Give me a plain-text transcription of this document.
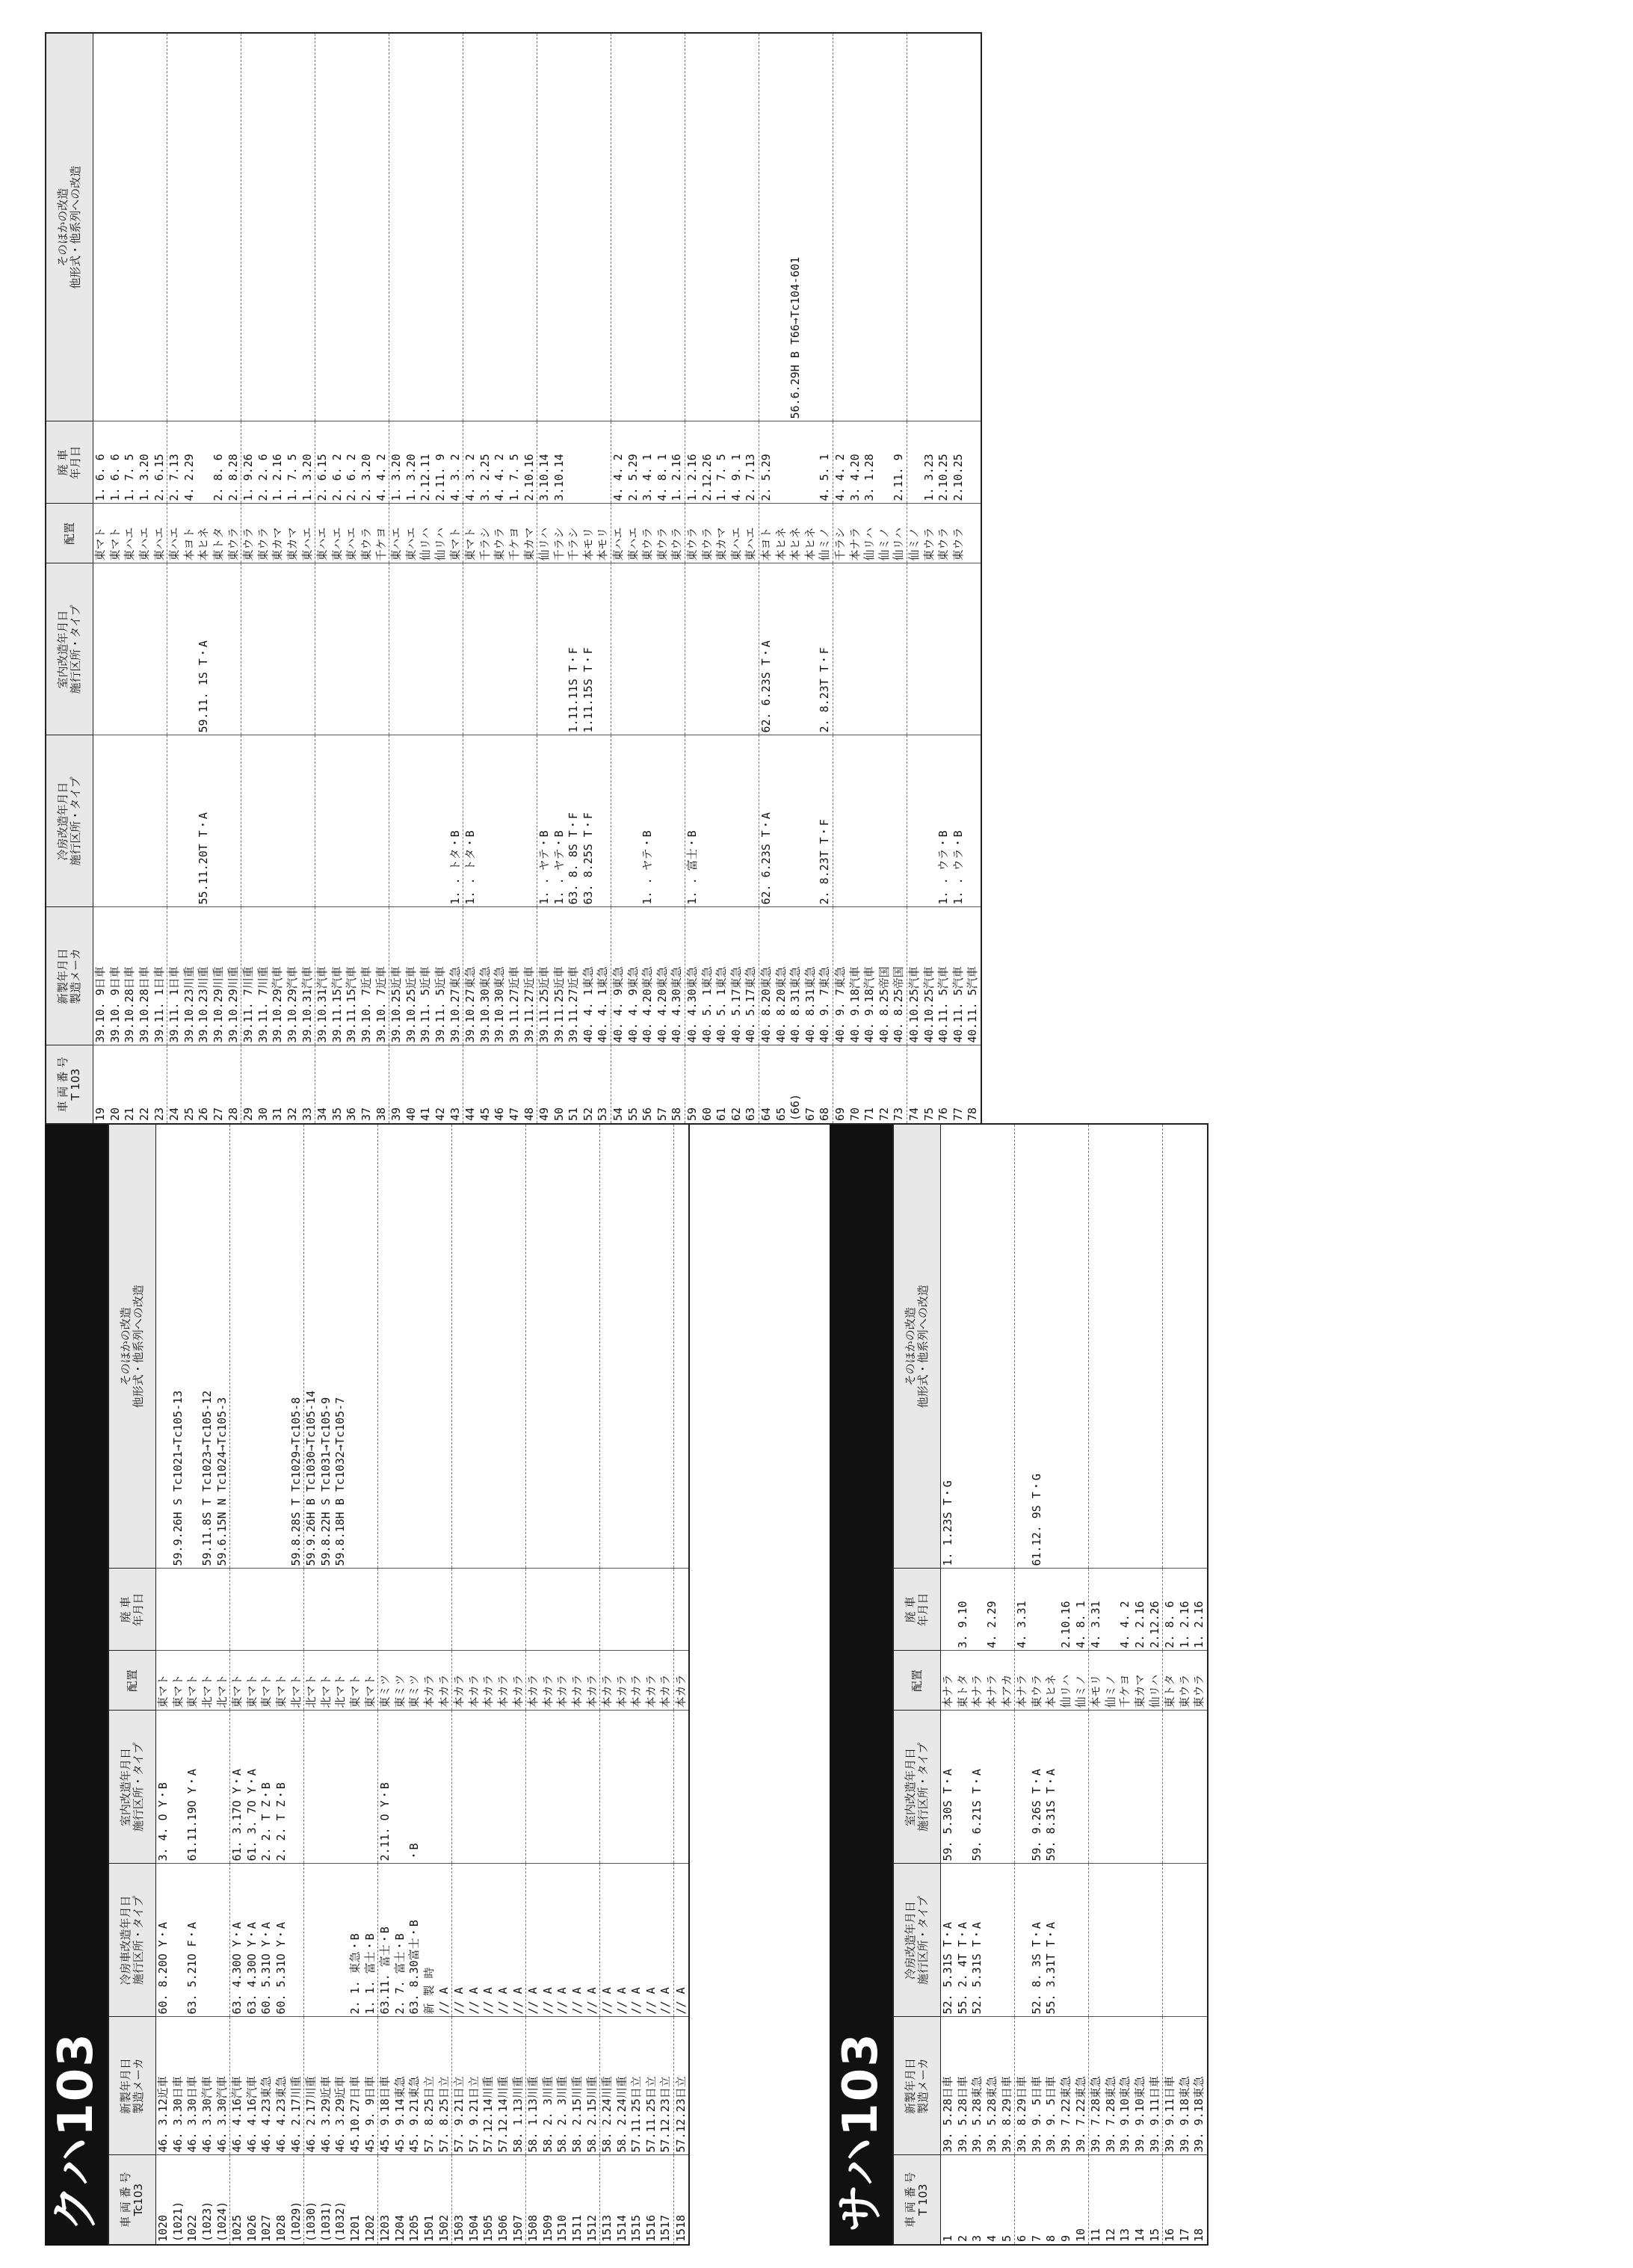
クハ103	車 両 番 号
Tc103	新製年月日
製造メーカ	冷房車改造年月日
施行区所・タイプ	室内改造年月日
施行区所・タイプ	配置	廃 車
年月日	そのほかの改造
他形式・他系列への改造
1020	46. 3.12近車	60. 8.20O Y・A	3. 4. O Y・B	東マト		
(1021)	46. 3.30日車			東マト		59.9.26H S Tc1021→Tc105-13
1022	46. 3.30日車	63. 5.21O F・A	61.11.19O Y・A	東マト		
(1023)	46. 3.30汽車			北マト		59.11.8S T Tc1023→Tc105-12
(1024)	46. 3.30汽車			北マト		59.6.15N N Tc1024→Tc105-3
1025	46. 4.16汽車	63. 4.30O Y・A	61. 3.17O Y・A	東マト		
1026	46. 4.16汽車	63. 4.30O Y・A	61. 3. 7O Y・A	東マト		
1027	46. 4.23東急	60. 5.31O Y・A	2. 2. T Z・B	東マト		
1028	46. 4.23東急	60. 5.31O Y・A	2. 2. T Z・B	東マト		
(1029)	46. 2.17川重			北マト		59.8.28S T Tc1029→Tc105-8
(1030)	46. 2.17川重			北マト		59.9.26H B Tc1030→Tc105-14
(1031)	46. 3.29近車			北マト		59.8.22H S Tc1031→Tc105-9
(1032)	46. 3.29近車			北マト		59.8.18H B Tc1032→Tc105-7
1201	45.10.27日車	2. 1. 東急・B		東マト		
1202	45. 9. 9日車	1. 1. 富士・B		東マト		
1203	45. 9.18日車	63.11. 富士・B	2.11. O Y・B	東ミツ		
1204	45. 9.14東急	2. 7. 富士・B		東ミツ		
1205	45. 9.21東急	63. 8.30富士・B	・B	東ミツ		
1501	57. 8.25日立	新 製 時		本カラ		
1502	57. 8.25日立	// A		本カラ		
1503	57. 9.21日立	// A		本カラ		
1504	57. 9.21日立	// A		本カラ		
1505	57.12.14川重	// A		本カラ		
1506	57.12.14川重	// A		本カラ		
1507	58. 1.13川重	// A		本カラ		
1508	58. 1.13川重	// A		本カラ		
1509	58. 2. 3川重	// A		本カラ		
1510	58. 2. 3川重	// A		本カラ		
1511	58. 2.15川重	// A		本カラ		
1512	58. 2.15川重	// A		本カラ		
1513	58. 2.24川重	// A		本カラ		
1514	58. 2.24川重	// A		本カラ		
1515	57.11.25日立	// A		本カラ		
1516	57.11.25日立	// A		本カラ		
1517	57.12.23日立	// A		本カラ		
1518	57.12.23日立	// A		本カラ		
サハ103	車 両 番 号
T 103	新製年月日
製造メーカ	冷房改造年月日
施行区所・タイプ	室内改造年月日
施行区所・タイプ	配置	廃 車
年月日	そのほかの改造
他形式・他系列への改造
1	39. 5.28日車	52. 5.31S T・A	59. 5.30S T・A	本ナラ		1. 1.23S T・G
2	39. 5.28日車	55. 2. 4T T・A		東トタ	3. 9.10	
3	39. 5.28東急	52. 5.31S T・A	59. 6.21S T・A	本ナラ		
4	39. 5.28東急			本ナラ	4. 2.29	
5	39. 8.29日車			本アカ		
6	39. 8.29日車			本ナラ	4. 3.31	
7	39. 9. 5日車	52. 8. 3S T・A	59. 9.26S T・A	東ウラ		61.12. 9S T・G
8	39. 9. 5日車	55. 3.31T T・A	59. 8.31S T・A	本ヒネ		
9	39. 7.22東急			仙リハ	2.10.16	
10	39. 7.22東急			仙ミノ	4. 8. 1	
11	39. 7.28東急			本モリ	4. 3.31	
12	39. 7.28東急			仙ミノ		
13	39. 9.10東急			千ケヨ	4. 4. 2	
14	39. 9.10東急			東カマ	2. 2.16	
15	39. 9.11日車			仙リハ	2.12.26	
16	39. 9.11日車			東トタ	2. 8. 6	
17	39. 9.18東急			東ウラ	1. 2.16	
18	39. 9.18東急			東ウラ	1. 2.16	
車 両 番 号
T 103	新製年月日
製造メーカ	冷房改造年月日
施行区所・タイプ	室内改造年月日
施行区所・タイプ	配置	廃 車
年月日	そのほかの改造
他形式・他系列への改造
19	39.10. 9日車			東マト	1. 6. 6	
20	39.10. 9日車			東マト	1. 6. 6	
21	39.10.28日車			東ハエ	1. 7. 5	
22	39.10.28日車			東ハエ	1. 3.20	
23	39.11. 1日車			東ハエ	2. 6.15	
24	39.11. 1日車			東ハエ	2. 7.13	
25	39.10.23川重			本ヨト	4. 2.29	
26	39.10.23川重	55.11.20T T・A	59.11. 1S T・A	本ヒネ		
27	39.10.29川重			東トタ	2. 8. 6	
28	39.10.29川重			東ウラ	2. 8.28	
29	39.11. 7川重			東ウラ	1. 9.26	
30	39.11. 7川重			東ウラ	2. 2. 6	
31	39.10.29汽車			東カマ	1. 2.16	
32	39.10.29汽車			東カマ	1. 7. 5	
33	39.10.31汽車			東ハエ	1. 3.20	
34	39.10.31汽車			東ハエ	2. 6.15	
35	39.11.15汽車			東ハエ	2. 6. 2	
36	39.11.15汽車			東ハエ	2. 6. 2	
37	39.10. 7近車			東ウラ	2. 3.20	
38	39.10. 7近車			千ケヨ	4. 4. 2	
39	39.10.25近車			東ハエ	1. 3.20	
40	39.10.25近車			東ハエ	1. 3.20	
41	39.11. 5近車			仙リハ	2.12.11	
42	39.11. 5近車			仙リハ	2.11. 9	
43	39.10.27東急	1. . トタ・B		東マト	4. 3. 2	
44	39.10.27東急	1. . トタ・B		東マト	4. 3. 2	
45	39.10.30東急			千ラシ	3. 2.25	
46	39.10.30東急			東ウラ	4. 4. 2	
47	39.11.27近車			千ケヨ	1. 7. 5	
48	39.11.27近車			東カマ	2.10.16	
49	39.11.25近車	1. . ヤテ・B		仙リハ	3.10.14	
50	39.11.25近車	1. . ヤテ・B		千ラシ	3.10.14	
51	39.11.27近車	63. 8. 8S T・F	1.11.11S T・F	千ラシ		
52	40. 4. 1東急	63. 8.25S T・F	1.11.15S T・F	本モリ		
53	40. 4. 1東急			本モリ		
54	40. 4. 9東急			東ハエ	4. 4. 2	
55	40. 4. 9東急			東ハエ	2. 5.29	
56	40. 4.20東急	1. . ヤテ・B		東ウラ	3. 4. 1	
57	40. 4.20東急			東ウラ	4. 8. 1	
58	40. 4.30東急			東ウラ	1. 2.16	
59	40. 4.30東急	1. . 富士・B		東ウラ	1. 2.16	
60	40. 5. 1東急			東ウラ	2.12.26	
61	40. 5. 1東急			東カマ	1. 7. 5	
62	40. 5.17東急			東ハエ	4. 9. 1	
63	40. 5.17東急			東ハエ	2. 7.13	
64	40. 8.20東急	62. 6.23S T・A	62. 6.23S T・A	本ヨト	2. 5.29	
65	40. 8.20東急			本ヒネ		
(66)	40. 8.31東急			本ヒネ		56.6.29H B T66→Tc104-601
67	40. 8.31東急			本ヒネ		
68	40. 9. 7東急	2. 8.23T T・F	2. 8.23T T・F	仙ミノ	4. 5. 1	
69	40. 9. 7東急			千ラシ	4. 4. 2	
70	40. 9.18汽車			本ナラ	3. 4.20	
71	40. 9.18汽車			仙リハ	3. 1.28	
72	40. 8.25帝国			仙ミノ		
73	40. 8.25帝国			仙リハ	2.11. 9	
74	40.10.25汽車			仙ミノ		
75	40.10.25汽車			東ウラ	1. 3.23	
76	40.11. 5汽車	1. . ウラ・B		東ウラ	2.10.25	
77	40.11. 5汽車	1. . ウラ・B		東ウラ	2.10.25	
78	40.11. 5汽車					
